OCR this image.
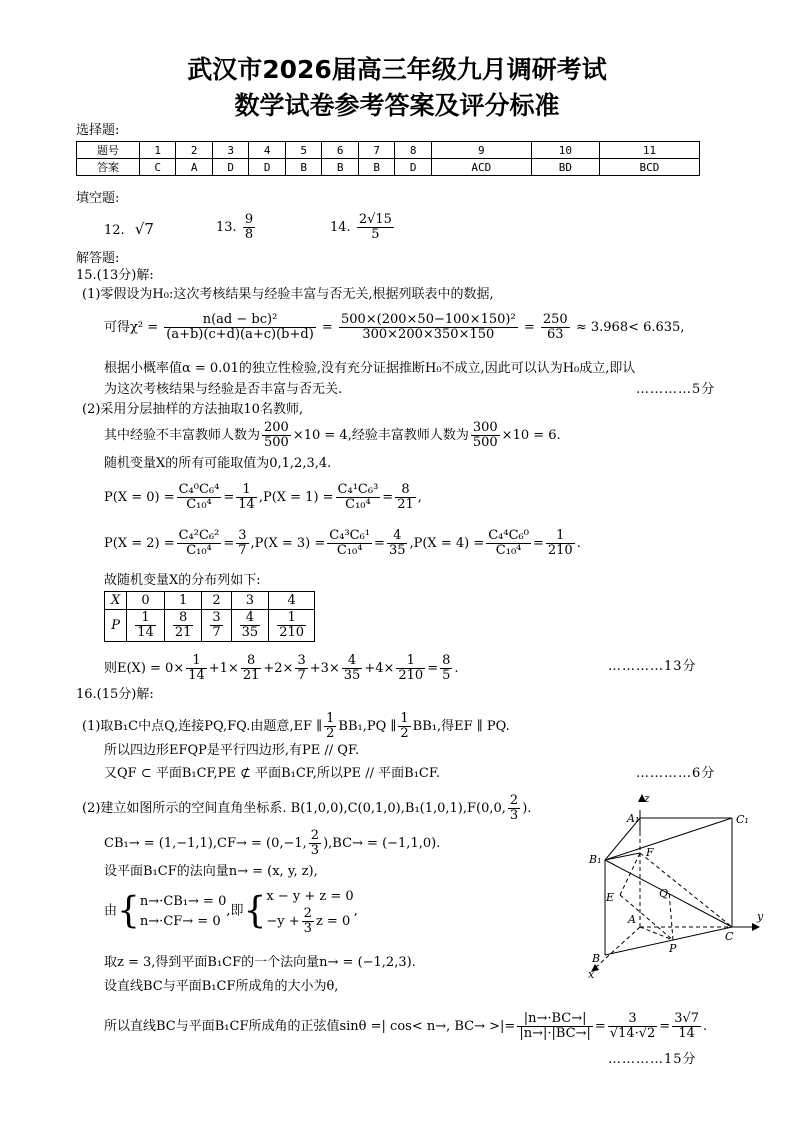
武汉市2026届高三年级九月调研考试
数学试卷参考答案及评分标准
选择题:
题号	1	2	3	4	5	6	7	8	9	10	11
答案	C	A	D	D	B	B	B	D	ACD	BD	BCD
填空题:
12. √7	13. $\frac{9}{8}$	14. $\frac{2√15}{5}$
解答题:
15.(13分)解:
(1)零假设为H₀:这次考核结果与经验丰富与否无关,根据列联表中的数据,
可得$\chi^2 = \frac{\text{n(ad − bc)²}}{(a+b)(c+d)(a+c)(b+d)} = \frac{\text{500×(200×50−100×150)²}}{300\times 200\times 350\times 150} = \frac{250}{63} \approx 3.968< 6.635$,
根据小概率值α = 0.01的独立性检验,没有充分证据推断H₀不成立,因此可以认为H₀成立,即认
为这次考核结果与经验是否丰富与否无关.	…………5分
(2)采用分层抽样的方法抽取10名教师,
其中经验不丰富教师人数为 $\frac{200}{500} \times 10 = 4$,经验丰富教师人数为 $\frac{300}{500} \times 10 = 6$.
随机变量X的所有可能取值为0,1,2,3,4.
$P(X = 0) = \frac{\text{C₄⁰C₆⁴}}{\text{C₁₀⁴}} = \frac{1}{14} ,P(X = 1) = \frac{\text{C₄¹C₆³}}{\text{C₁₀⁴}} = \frac{8}{21}$ ,
$P(X = 2) = \frac{\text{C₄²C₆²}}{\text{C₁₀⁴}} = \frac{3}{7} ,P(X = 3) = \frac{\text{C₄³C₆¹}}{\text{C₁₀⁴}} = \frac{4}{35} ,P(X = 4) = \frac{\text{C₄⁴C₆⁰}}{\text{C₁₀⁴}} = \frac{1}{210}$ .
故随机变量X的分布列如下:
X	0	1	2	3	4
P	$\frac{1}{14}$	$\frac{8}{21}$	$\frac{3}{7}$	$\frac{4}{35}$	$\frac{1}{210}$
则$E(X) = 0\times \frac{1}{14} +1\times \frac{8}{21} +2\times \frac{3}{7} +3\times \frac{4}{35} +4\times \frac{1}{210} = \frac{8}{5}$ .	…………13分
16.(15分)解:
(1)取B₁C中点Q,连接PQ,FQ.由题意,EF ∥ $\frac{1}{2} BB_1,PQ$ ∥ $\frac{1}{2} BB_1$,得EF ∥ PQ.
所以四边形EFQP是平行四边形,有PE // QF.
又QF ⊂ 平面B₁CF,PE ⊄ 平面B₁CF,所以PE // 平面B₁CF.	…………6分
(2)建立如图所示的空间直角坐标系. B(1,0,0),C(0,1,0),B₁(1,0,1),F(0,0, $\frac{2}{3}$ ).
CB₁→ = (1,−1,1),CF→ = (0,−1, $\frac{2}{3} ),BC\to = (-1,1,0)$.
设平面B₁CF的法向量n→ = (x, y, z),
由{ n→·CB₁→ = 0
n→·CF→ = 0
,即{ x − y + z = 0
$-y + \frac{2}{3}$ z = 0
,
取z = 3,得到平面B₁CF的一个法向量n→ = (−1,2,3).
设直线BC与平面B₁CF所成角的大小为θ,
所以直线BC与平面B₁CF所成角的正弦值sinθ =| cos< n→, BC→ >|= $\frac{|n\to\cdot BC\to|}{|n\to|\cdot|BC\to|} = \frac{3}{√14\cdot√2} = \frac{3√7}{14}$ .
…………15分
z
A₁	C₁
B₁
F
E	Q
A
C
P
B
x
y
